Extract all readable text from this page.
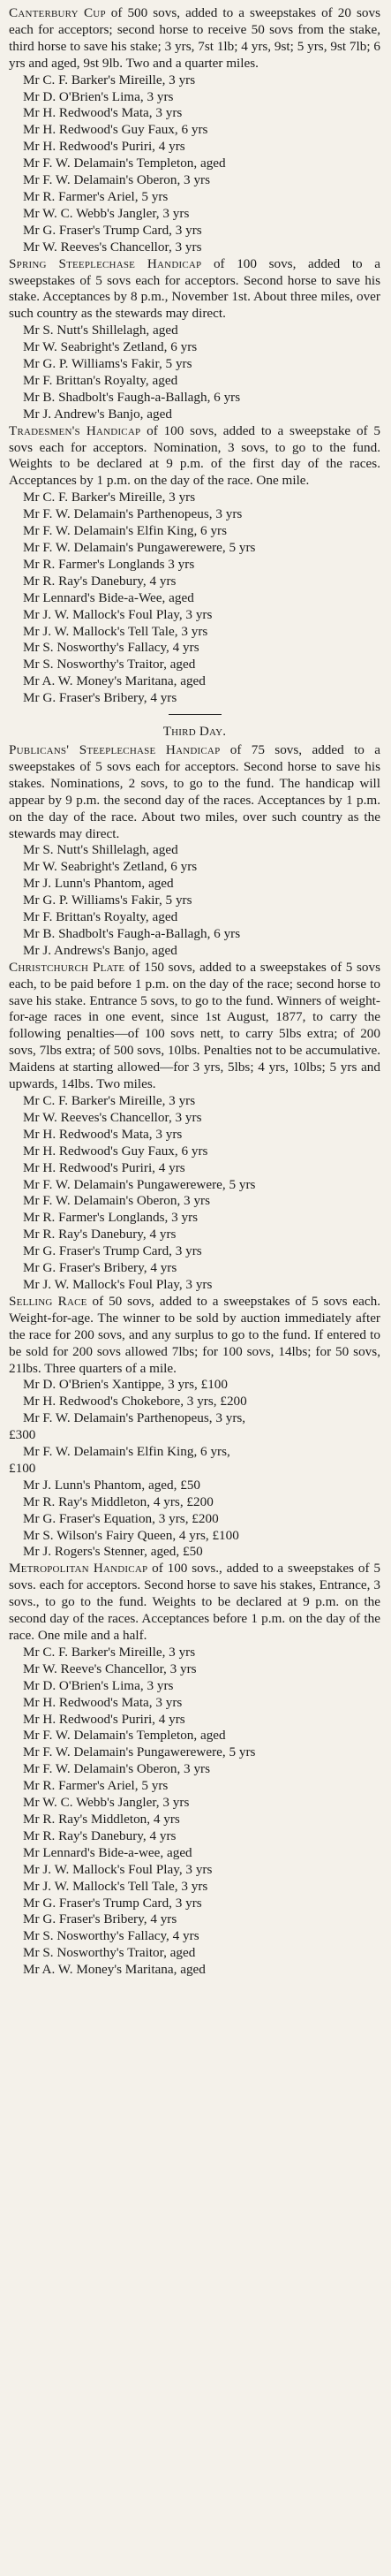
Canterbury Cup of 500 sovs, added to a sweepstakes of 20 sovs each for acceptors; second horse to receive 50 sovs from the stake, third horse to save his stake; 3 yrs, 7st 1lb; 4 yrs, 9st; 5 yrs, 9st 7lb; 6 yrs and aged, 9st 9lb. Two and a quarter miles.

Mr C. F. Barker's Mireille, 3 yrs
Mr D. O'Brien's Lima, 3 yrs
Mr H. Redwood's Mata, 3 yrs
Mr H. Redwood's Guy Faux, 6 yrs
Mr H. Redwood's Puriri, 4 yrs
Mr F. W. Delamain's Templeton, aged
Mr F. W. Delamain's Oberon, 3 yrs
Mr R. Farmer's Ariel, 5 yrs
Mr W. C. Webb's Jangler, 3 yrs
Mr G. Fraser's Trump Card, 3 yrs
Mr W. Reeves's Chancellor, 3 yrs

Spring Steeplechase Handicap of 100 sovs, added to a sweepstakes of 5 sovs each for acceptors. Second horse to save his stake. Acceptances by 8 p.m., November 1st. About three miles, over such country as the stewards may direct.

Mr S. Nutt's Shillelagh, aged
Mr W. Seabright's Zetland, 6 yrs
Mr G. P. Williams's Fakir, 5 yrs
Mr F. Brittan's Royalty, aged
Mr B. Shadbolt's Faugh-a-Ballagh, 6 yrs
Mr J. Andrew's Banjo, aged

Tradesmen's Handicap of 100 sovs, added to a sweepstake of 5 sovs each for acceptors. Nomination, 3 sovs, to go to the fund. Weights to be declared at 9 p.m. of the first day of the races. Acceptances by 1 p.m. on the day of the race. One mile.

Mr C. F. Barker's Mireille, 3 yrs
Mr F. W. Delamain's Parthenopeus, 3 yrs
Mr F. W. Delamain's Elfin King, 6 yrs
Mr F. W. Delamain's Pungawerewere, 5 yrs
Mr R. Farmer's Longlands 3 yrs
Mr R. Ray's Danebury, 4 yrs
Mr Lennard's Bide-a-Wee, aged
Mr J. W. Mallock's Foul Play, 3 yrs
Mr J. W. Mallock's Tell Tale, 3 yrs
Mr S. Nosworthy's Fallacy, 4 yrs
Mr S. Nosworthy's Traitor, aged
Mr A. W. Money's Maritana, aged
Mr G. Fraser's Bribery, 4 yrs
Third Day.

Publicans' Steeplechase Handicap of 75 sovs, added to a sweepstakes of 5 sovs each for acceptors. Second horse to save his stakes. Nominations, 2 sovs, to go to the fund. The handicap will appear by 9 p.m. the second day of the races. Acceptances by 1 p.m. on the day of the race. About two miles, over such country as the stewards may direct.

Mr S. Nutt's Shillelagh, aged
Mr W. Seabright's Zetland, 6 yrs
Mr J. Lunn's Phantom, aged
Mr G. P. Williams's Fakir, 5 yrs
Mr F. Brittan's Royalty, aged
Mr B. Shadbolt's Faugh-a-Ballagh, 6 yrs
Mr J. Andrews's Banjo, aged

Christchurch Plate of 150 sovs, added to a sweepstakes of 5 sovs each, to be paid before 1 p.m. on the day of the race; second horse to save his stake. Entrance 5 sovs, to go to the fund. Winners of weight-for-age races in one event, since 1st August, 1877, to carry the following penalties—of 100 sovs nett, to carry 5lbs extra; of 200 sovs, 7lbs extra; of 500 sovs, 10lbs. Penalties not to be accumulative. Maidens at starting allowed—for 3 yrs, 5lbs; 4 yrs, 10lbs; 5 yrs and upwards, 14lbs. Two miles.

Mr C. F. Barker's Mireille, 3 yrs
Mr W. Reeves's Chancellor, 3 yrs
Mr H. Redwood's Mata, 3 yrs
Mr H. Redwood's Guy Faux, 6 yrs
Mr H. Redwood's Puriri, 4 yrs
Mr F. W. Delamain's Pungawerewere, 5 yrs
Mr F. W. Delamain's Oberon, 3 yrs
Mr R. Farmer's Longlands, 3 yrs
Mr R. Ray's Danebury, 4 yrs
Mr G. Fraser's Trump Card, 3 yrs
Mr G. Fraser's Bribery, 4 yrs
Mr J. W. Mallock's Foul Play, 3 yrs

Selling Race of 50 sovs, added to a sweepstakes of 5 sovs each. Weight-for-age. The winner to be sold by auction immediately after the race for 200 sovs, and any surplus to go to the fund. If entered to be sold for 200 sovs allowed 7lbs; for 100 sovs, 14lbs; for 50 sovs, 21lbs. Three quarters of a mile.

Mr D. O'Brien's Xantippe, 3 yrs, £100
Mr H. Redwood's Chokebore, 3 yrs, £200
Mr F. W. Delamain's Parthenopeus, 3 yrs,
£300
Mr F. W. Delamain's Elfin King, 6 yrs,
£100
Mr J. Lunn's Phantom, aged, £50
Mr R. Ray's Middleton, 4 yrs, £200
Mr G. Fraser's Equation, 3 yrs, £200
Mr S. Wilson's Fairy Queen, 4 yrs, £100
Mr J. Rogers's Stenner, aged, £50

Metropolitan Handicap of 100 sovs., added to a sweepstakes of 5 sovs. each for acceptors. Second horse to save his stakes, Entrance, 3 sovs., to go to the fund. Weights to be declared at 9 p.m. on the second day of the races. Acceptances before 1 p.m. on the day of the race. One mile and a half.

Mr C. F. Barker's Mireille, 3 yrs
Mr W. Reeve's Chancellor, 3 yrs
Mr D. O'Brien's Lima, 3 yrs
Mr H. Redwood's Mata, 3 yrs
Mr H. Redwood's Puriri, 4 yrs
Mr F. W. Delamain's Templeton, aged
Mr F. W. Delamain's Pungawerewere, 5 yrs
Mr F. W. Delamain's Oberon, 3 yrs
Mr R. Farmer's Ariel, 5 yrs
Mr W. C. Webb's Jangler, 3 yrs
Mr R. Ray's Middleton, 4 yrs
Mr R. Ray's Danebury, 4 yrs
Mr Lennard's Bide-a-wee, aged
Mr J. W. Mallock's Foul Play, 3 yrs
Mr J. W. Mallock's Tell Tale, 3 yrs
Mr G. Fraser's Trump Card, 3 yrs
Mr G. Fraser's Bribery, 4 yrs
Mr S. Nosworthy's Fallacy, 4 yrs
Mr S. Nosworthy's Traitor, aged
Mr A. W. Money's Maritana, aged
